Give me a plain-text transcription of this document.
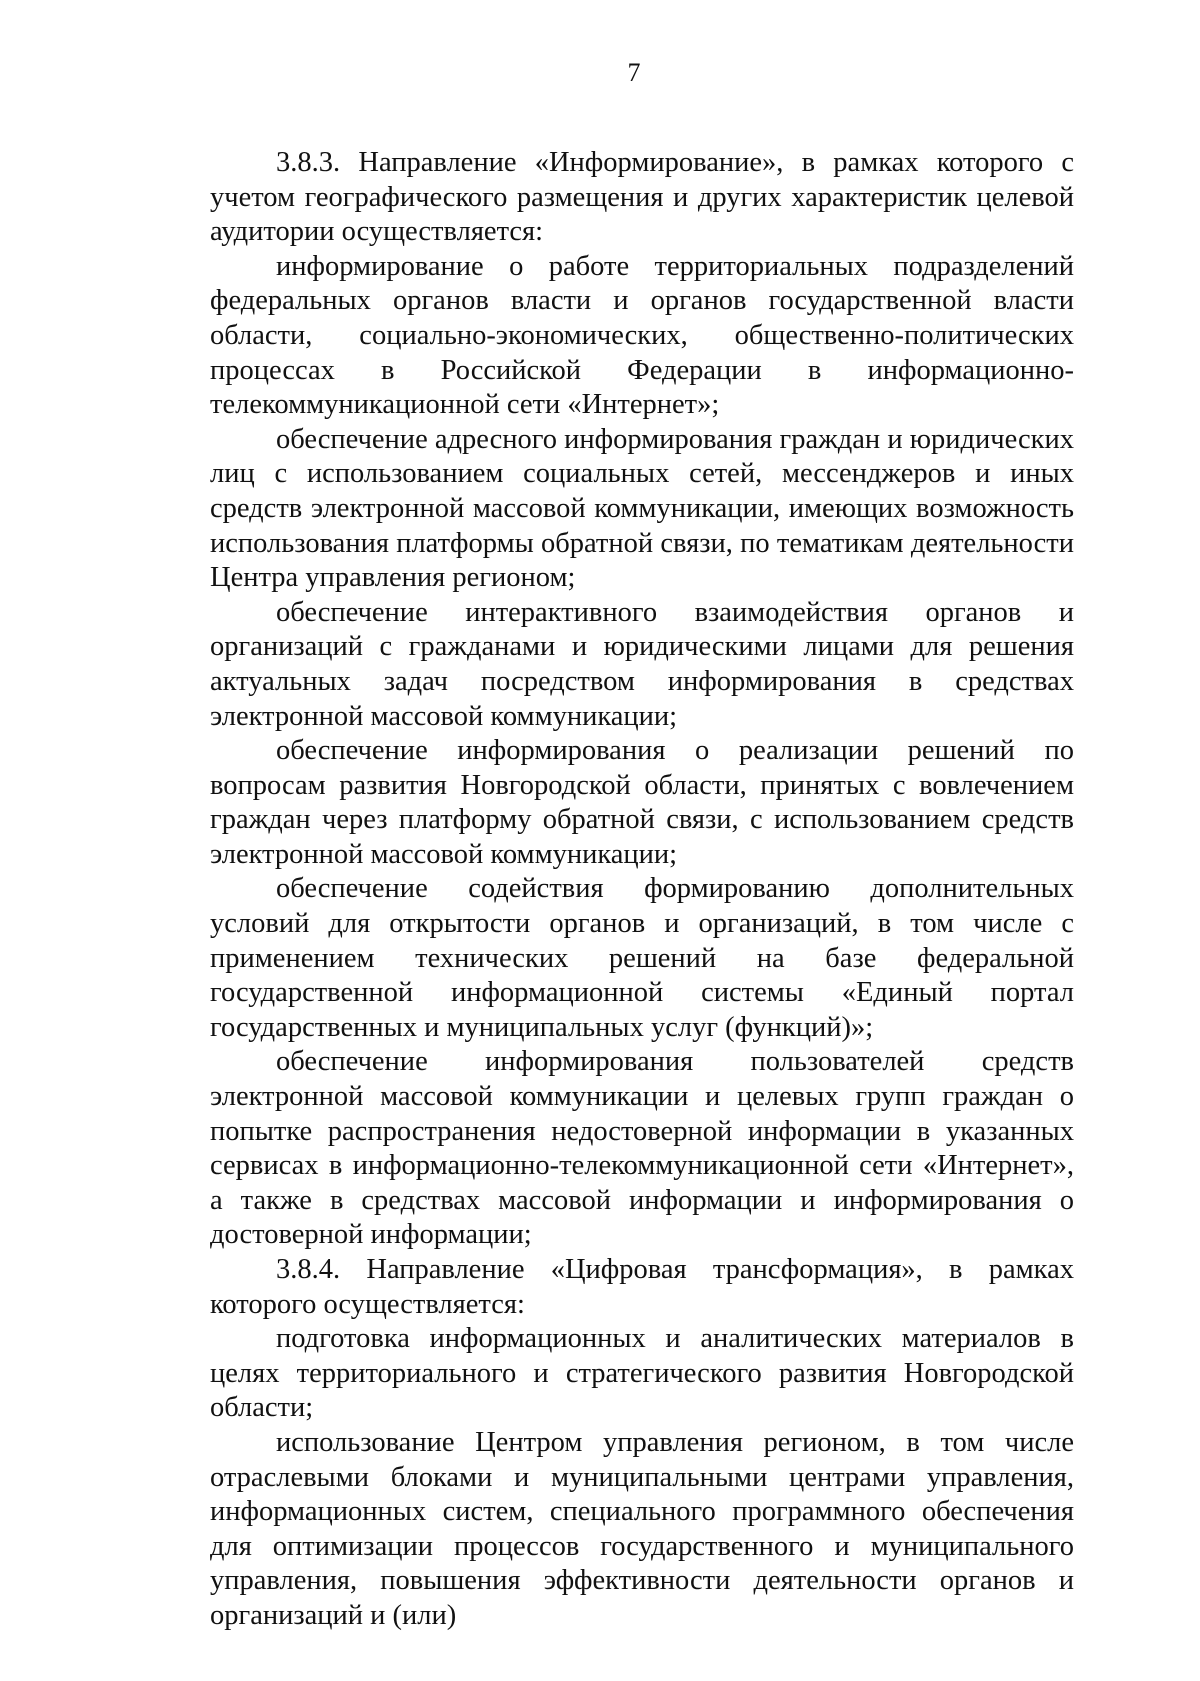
7

3.8.3. Направление «Информирование», в рамках которого с учетом географического размещения и других характеристик целевой аудитории осуществляется:

информирование о работе территориальных подразделений федеральных органов власти и органов государственной власти области, социально-экономических, общественно-политических процессах в Российской Федерации в информационно-телекоммуникационной сети «Интернет»;

обеспечение адресного информирования граждан и юридических лиц с использованием социальных сетей, мессенджеров и иных средств электронной массовой коммуникации, имеющих возможность использования платформы обратной связи, по тематикам деятельности Центра управления регионом;

обеспечение интерактивного взаимодействия органов и организаций с гражданами и юридическими лицами для решения актуальных задач посредством информирования в средствах электронной массовой коммуникации;

обеспечение информирования о реализации решений по вопросам развития Новгородской области, принятых с вовлечением граждан через платформу обратной связи, с использованием средств электронной массовой коммуникации;

обеспечение содействия формированию дополнительных условий для открытости органов и организаций, в том числе с применением технических решений на базе федеральной государственной информационной системы «Единый портал государственных и муниципальных услуг (функций)»;

обеспечение информирования пользователей средств электронной массовой коммуникации и целевых групп граждан о попытке распространения недостоверной информации в указанных сервисах в информационно-телекоммуникационной сети «Интернет», а также в средствах массовой информации и информирования о достоверной информации;

3.8.4. Направление «Цифровая трансформация», в рамках которого осуществляется:

подготовка информационных и аналитических материалов в целях территориального и стратегического развития Новгородской области;

использование Центром управления регионом, в том числе отраслевыми блоками и муниципальными центрами управления, информационных систем, специального программного обеспечения для оптимизации процессов государственного и муниципального управления, повышения эффективности деятельности органов и организаций и (или)
